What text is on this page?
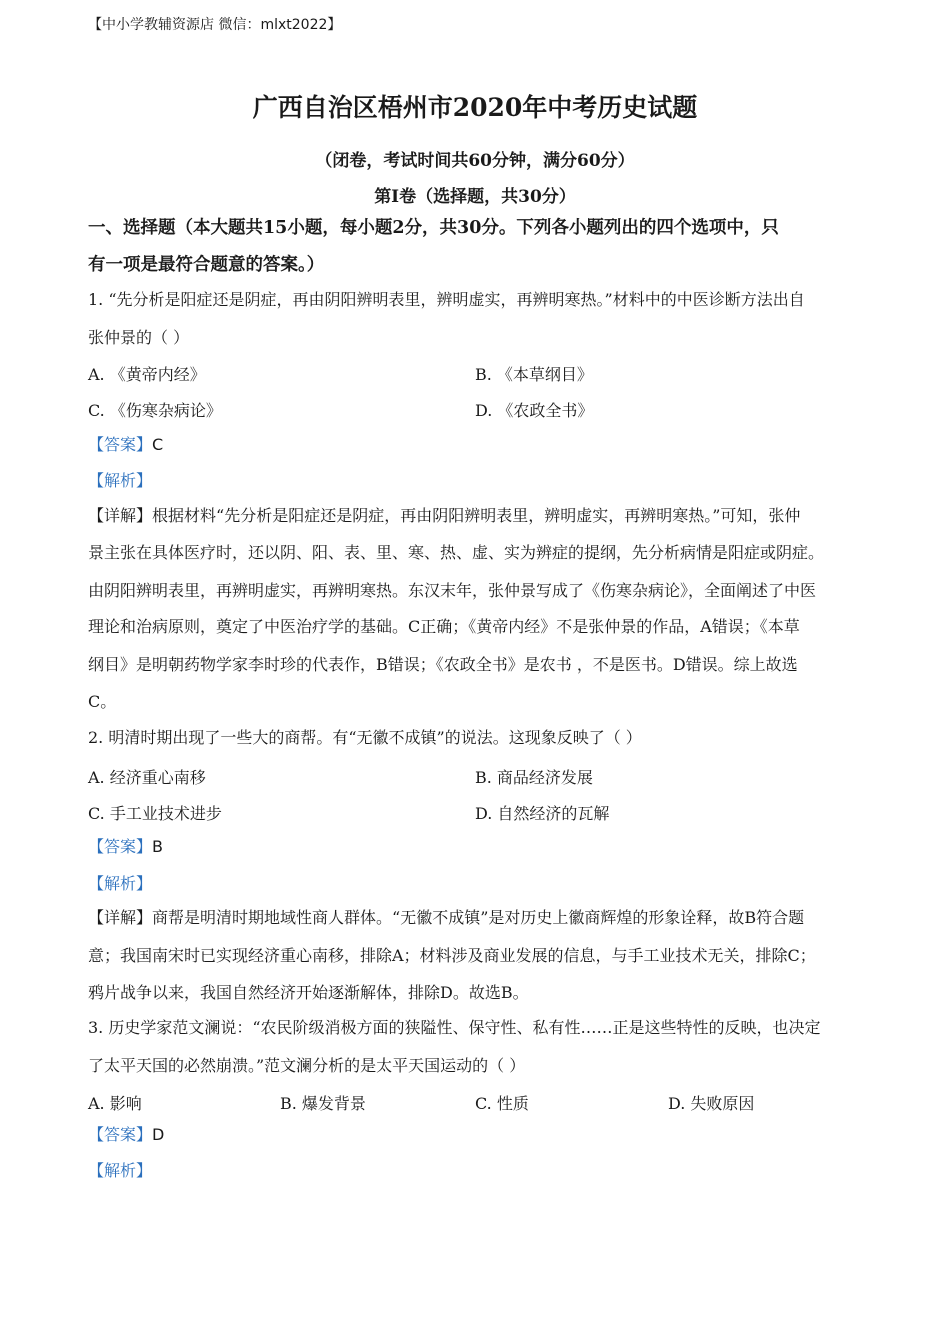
【中小学教辅资源店 微信：mlxt2022】
广西自治区梧州市2020年中考历史试题
（闭卷，考试时间共60分钟，满分60分）
第Ⅰ卷（选择题，共30分）
一、选择题（本大题共15小题，每小题2分，共30分。下列各小题列出的四个选项中，只
有一项是最符合题意的答案。）
1. “先分析是阳症还是阴症，再由阴阳辨明表里，辨明虚实，再辨明寒热。”材料中的中医诊断方法出自
张仲景的（ ）
A. 《黄帝内经》	B. 《本草纲目》
C. 《伤寒杂病论》	D. 《农政全书》
【答案】C
【解析】
【详解】根据材料“先分析是阳症还是阴症，再由阴阳辨明表里，辨明虚实，再辨明寒热。”可知，张仲
景主张在具体医疗时，还以阴、阳、表、里、寒、热、虚、实为辨症的提纲，先分析病情是阳症或阴症。
由阴阳辨明表里，再辨明虚实，再辨明寒热。东汉末年，张仲景写成了《伤寒杂病论》，全面阐述了中医
理论和治病原则，奠定了中医治疗学的基础。C正确；《黄帝内经》不是张仲景的作品，A错误；《本草
纲目》是明朝药物学家李时珍的代表作，B错误；《农政全书》是农书 ，不是医书。D错误。综上故选
C。
2. 明清时期出现了一些大的商帮。有“无徽不成镇”的说法。这现象反映了（ ）
A. 经济重心南移	B. 商品经济发展
C. 手工业技术进步	D. 自然经济的瓦解
【答案】B
【解析】
【详解】商帮是明清时期地域性商人群体。“无徽不成镇”是对历史上徽商辉煌的形象诠释，故B符合题
意；我国南宋时已实现经济重心南移，排除A；材料涉及商业发展的信息，与手工业技术无关，排除C；
鸦片战争以来，我国自然经济开始逐渐解体，排除D。故选B。
3. 历史学家范文澜说：“农民阶级消极方面的狭隘性、保守性、私有性……正是这些特性的反映，也决定
了太平天国的必然崩溃。”范文澜分析的是太平天国运动的（ ）
A. 影响	B. 爆发背景	C. 性质	D. 失败原因
【答案】D
【解析】
